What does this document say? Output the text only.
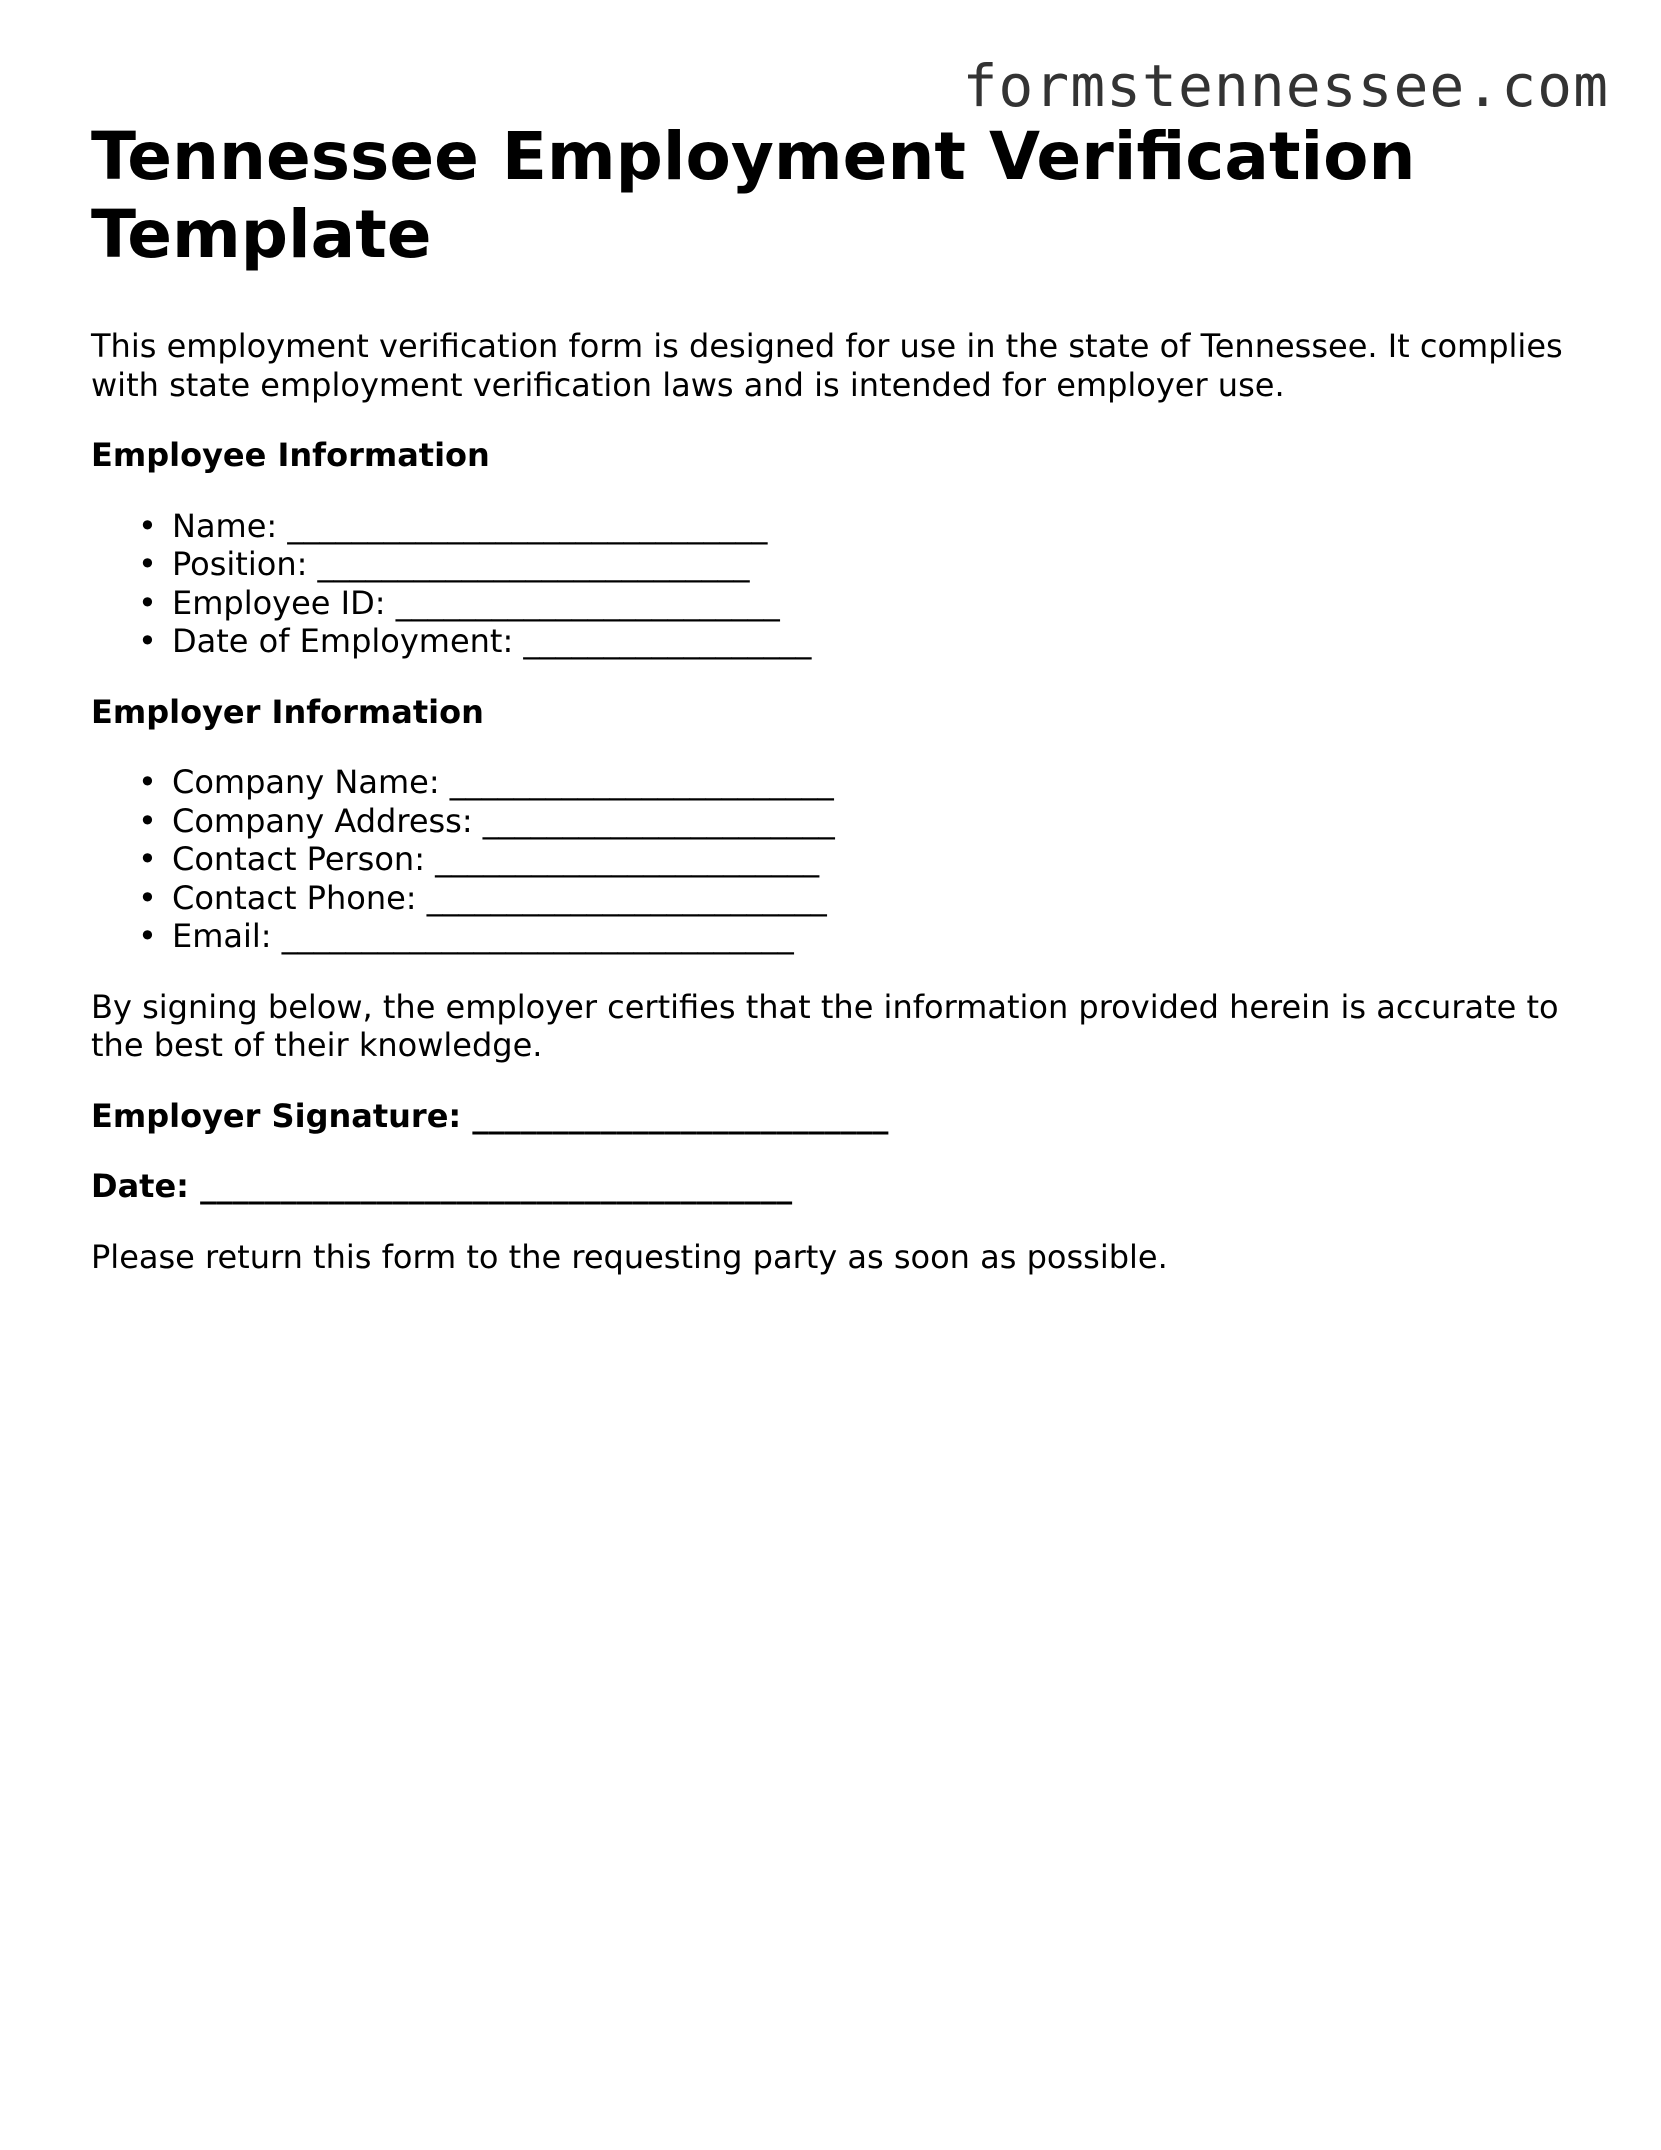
formstennessee.com
Tennessee Employment Verification Template

This employment verification form is designed for use in the state of Tennessee. It complies with state employment verification laws and is intended for employer use.

Employee Information
• Name: ______________________________
• Position: ___________________________
• Employee ID: ________________________
• Date of Employment: __________________
Employer Information
• Company Name: ________________________
• Company Address: ______________________
• Contact Person: ________________________
• Contact Phone: _________________________
• Email: ________________________________

By signing below, the employer certifies that the information provided herein is accurate to the best of their knowledge.

Employer Signature: __________________________
Date: _____________________________________

Please return this form to the requesting party as soon as possible.
